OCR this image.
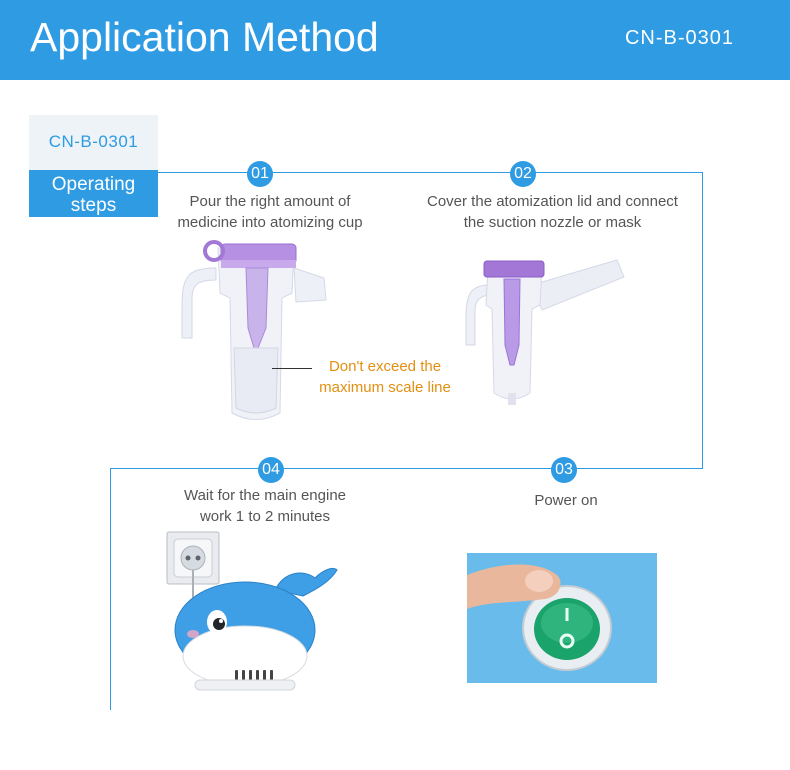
Application Method	CN-B-0301
CN-B-0301
Operating
steps
01	02
03
04
Pour the right amount of
medicine into atomizing cup
Cover the atomization lid and connect
the suction nozzle or mask
Power on
Wait for the main engine
work 1 to 2 minutes
Don't exceed the
maximum scale line
